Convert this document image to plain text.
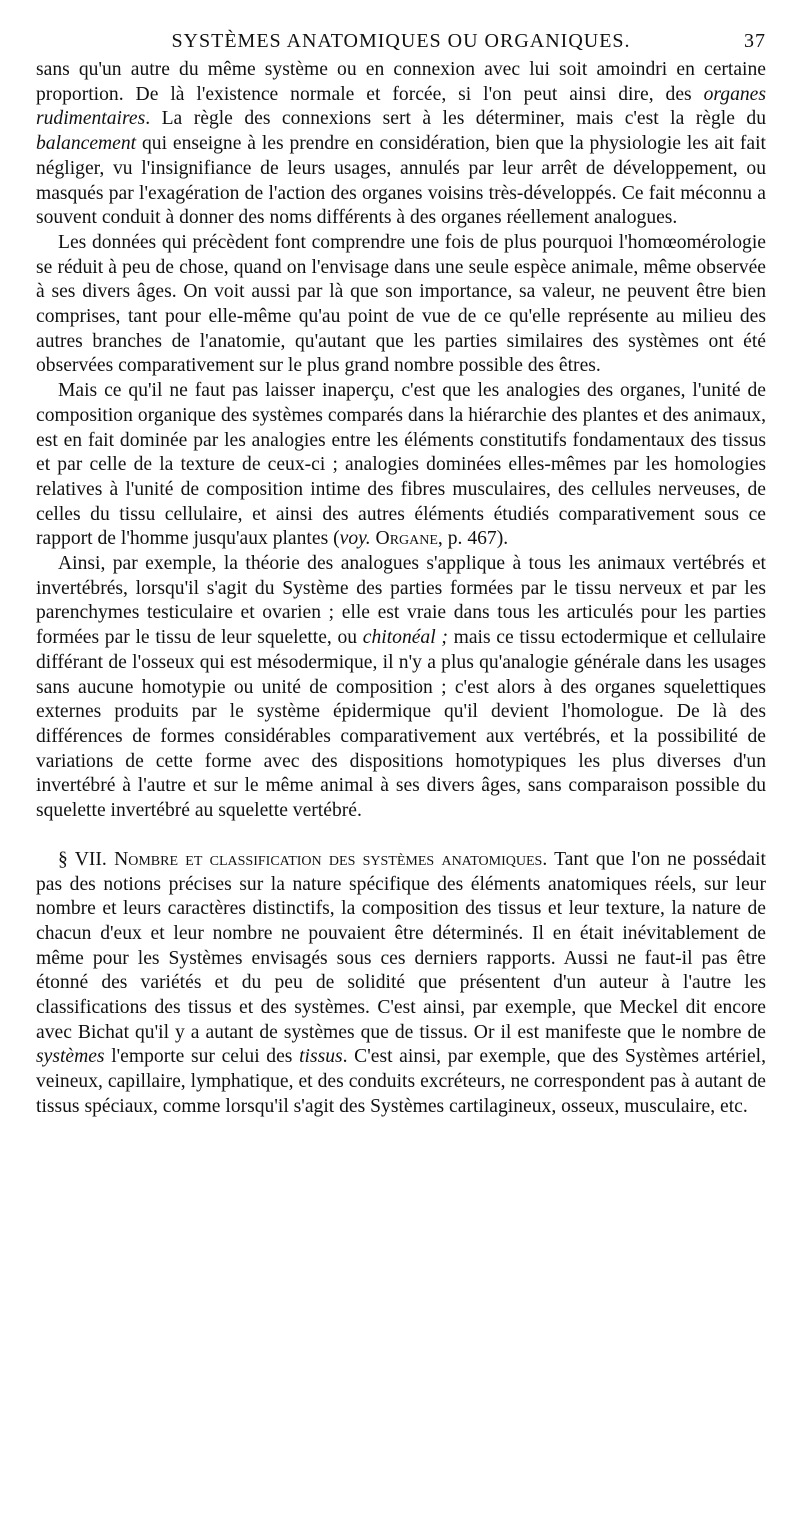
SYSTÈMES ANATOMIQUES OU ORGANIQUES.	37

sans qu'un autre du même système ou en connexion avec lui soit amoindri en certaine proportion. De là l'existence normale et forcée, si l'on peut ainsi dire, des organes rudimentaires. La règle des connexions sert à les déterminer, mais c'est la règle du balancement qui enseigne à les prendre en considération, bien que la physiologie les ait fait négliger, vu l'insignifiance de leurs usages, annulés par leur arrêt de développement, ou masqués par l'exagération de l'action des organes voisins très-développés. Ce fait méconnu a souvent conduit à donner des noms différents à des organes réellement analogues.

Les données qui précèdent font comprendre une fois de plus pourquoi l'homœomérologie se réduit à peu de chose, quand on l'envisage dans une seule espèce animale, même observée à ses divers âges. On voit aussi par là que son importance, sa valeur, ne peuvent être bien comprises, tant pour elle-même qu'au point de vue de ce qu'elle représente au milieu des autres branches de l'anatomie, qu'autant que les parties similaires des systèmes ont été observées comparativement sur le plus grand nombre possible des êtres.

Mais ce qu'il ne faut pas laisser inaperçu, c'est que les analogies des organes, l'unité de composition organique des systèmes comparés dans la hiérarchie des plantes et des animaux, est en fait dominée par les analogies entre les éléments constitutifs fondamentaux des tissus et par celle de la texture de ceux-ci ; analogies dominées elles-mêmes par les homologies relatives à l'unité de composition intime des fibres musculaires, des cellules nerveuses, de celles du tissu cellulaire, et ainsi des autres éléments étudiés comparativement sous ce rapport de l'homme jusqu'aux plantes (voy. Organe, p. 467).

Ainsi, par exemple, la théorie des analogues s'applique à tous les animaux vertébrés et invertébrés, lorsqu'il s'agit du Système des parties formées par le tissu nerveux et par les parenchymes testiculaire et ovarien ; elle est vraie dans tous les articulés pour les parties formées par le tissu de leur squelette, ou chitonéal ; mais ce tissu ectodermique et cellulaire différant de l'osseux qui est mésodermique, il n'y a plus qu'analogie générale dans les usages sans aucune homotypie ou unité de composition ; c'est alors à des organes squelettiques externes produits par le système épidermique qu'il devient l'homologue. De là des différences de formes considérables comparativement aux vertébrés, et la possibilité de variations de cette forme avec des dispositions homotypiques les plus diverses d'un invertébré à l'autre et sur le même animal à ses divers âges, sans comparaison possible du squelette invertébré au squelette vertébré.

§ VII. Nombre et classification des systèmes anatomiques. Tant que l'on ne possédait pas des notions précises sur la nature spécifique des éléments anatomiques réels, sur leur nombre et leurs caractères distinctifs, la composition des tissus et leur texture, la nature de chacun d'eux et leur nombre ne pouvaient être déterminés. Il en était inévitablement de même pour les Systèmes envisagés sous ces derniers rapports. Aussi ne faut-il pas être étonné des variétés et du peu de solidité que présentent d'un auteur à l'autre les classifications des tissus et des systèmes. C'est ainsi, par exemple, que Meckel dit encore avec Bichat qu'il y a autant de systèmes que de tissus. Or il est manifeste que le nombre de systèmes l'emporte sur celui des tissus. C'est ainsi, par exemple, que des Systèmes artériel, veineux, capillaire, lymphatique, et des conduits excréteurs, ne correspondent pas à autant de tissus spéciaux, comme lorsqu'il s'agit des Systèmes cartilagineux, osseux, musculaire, etc.
